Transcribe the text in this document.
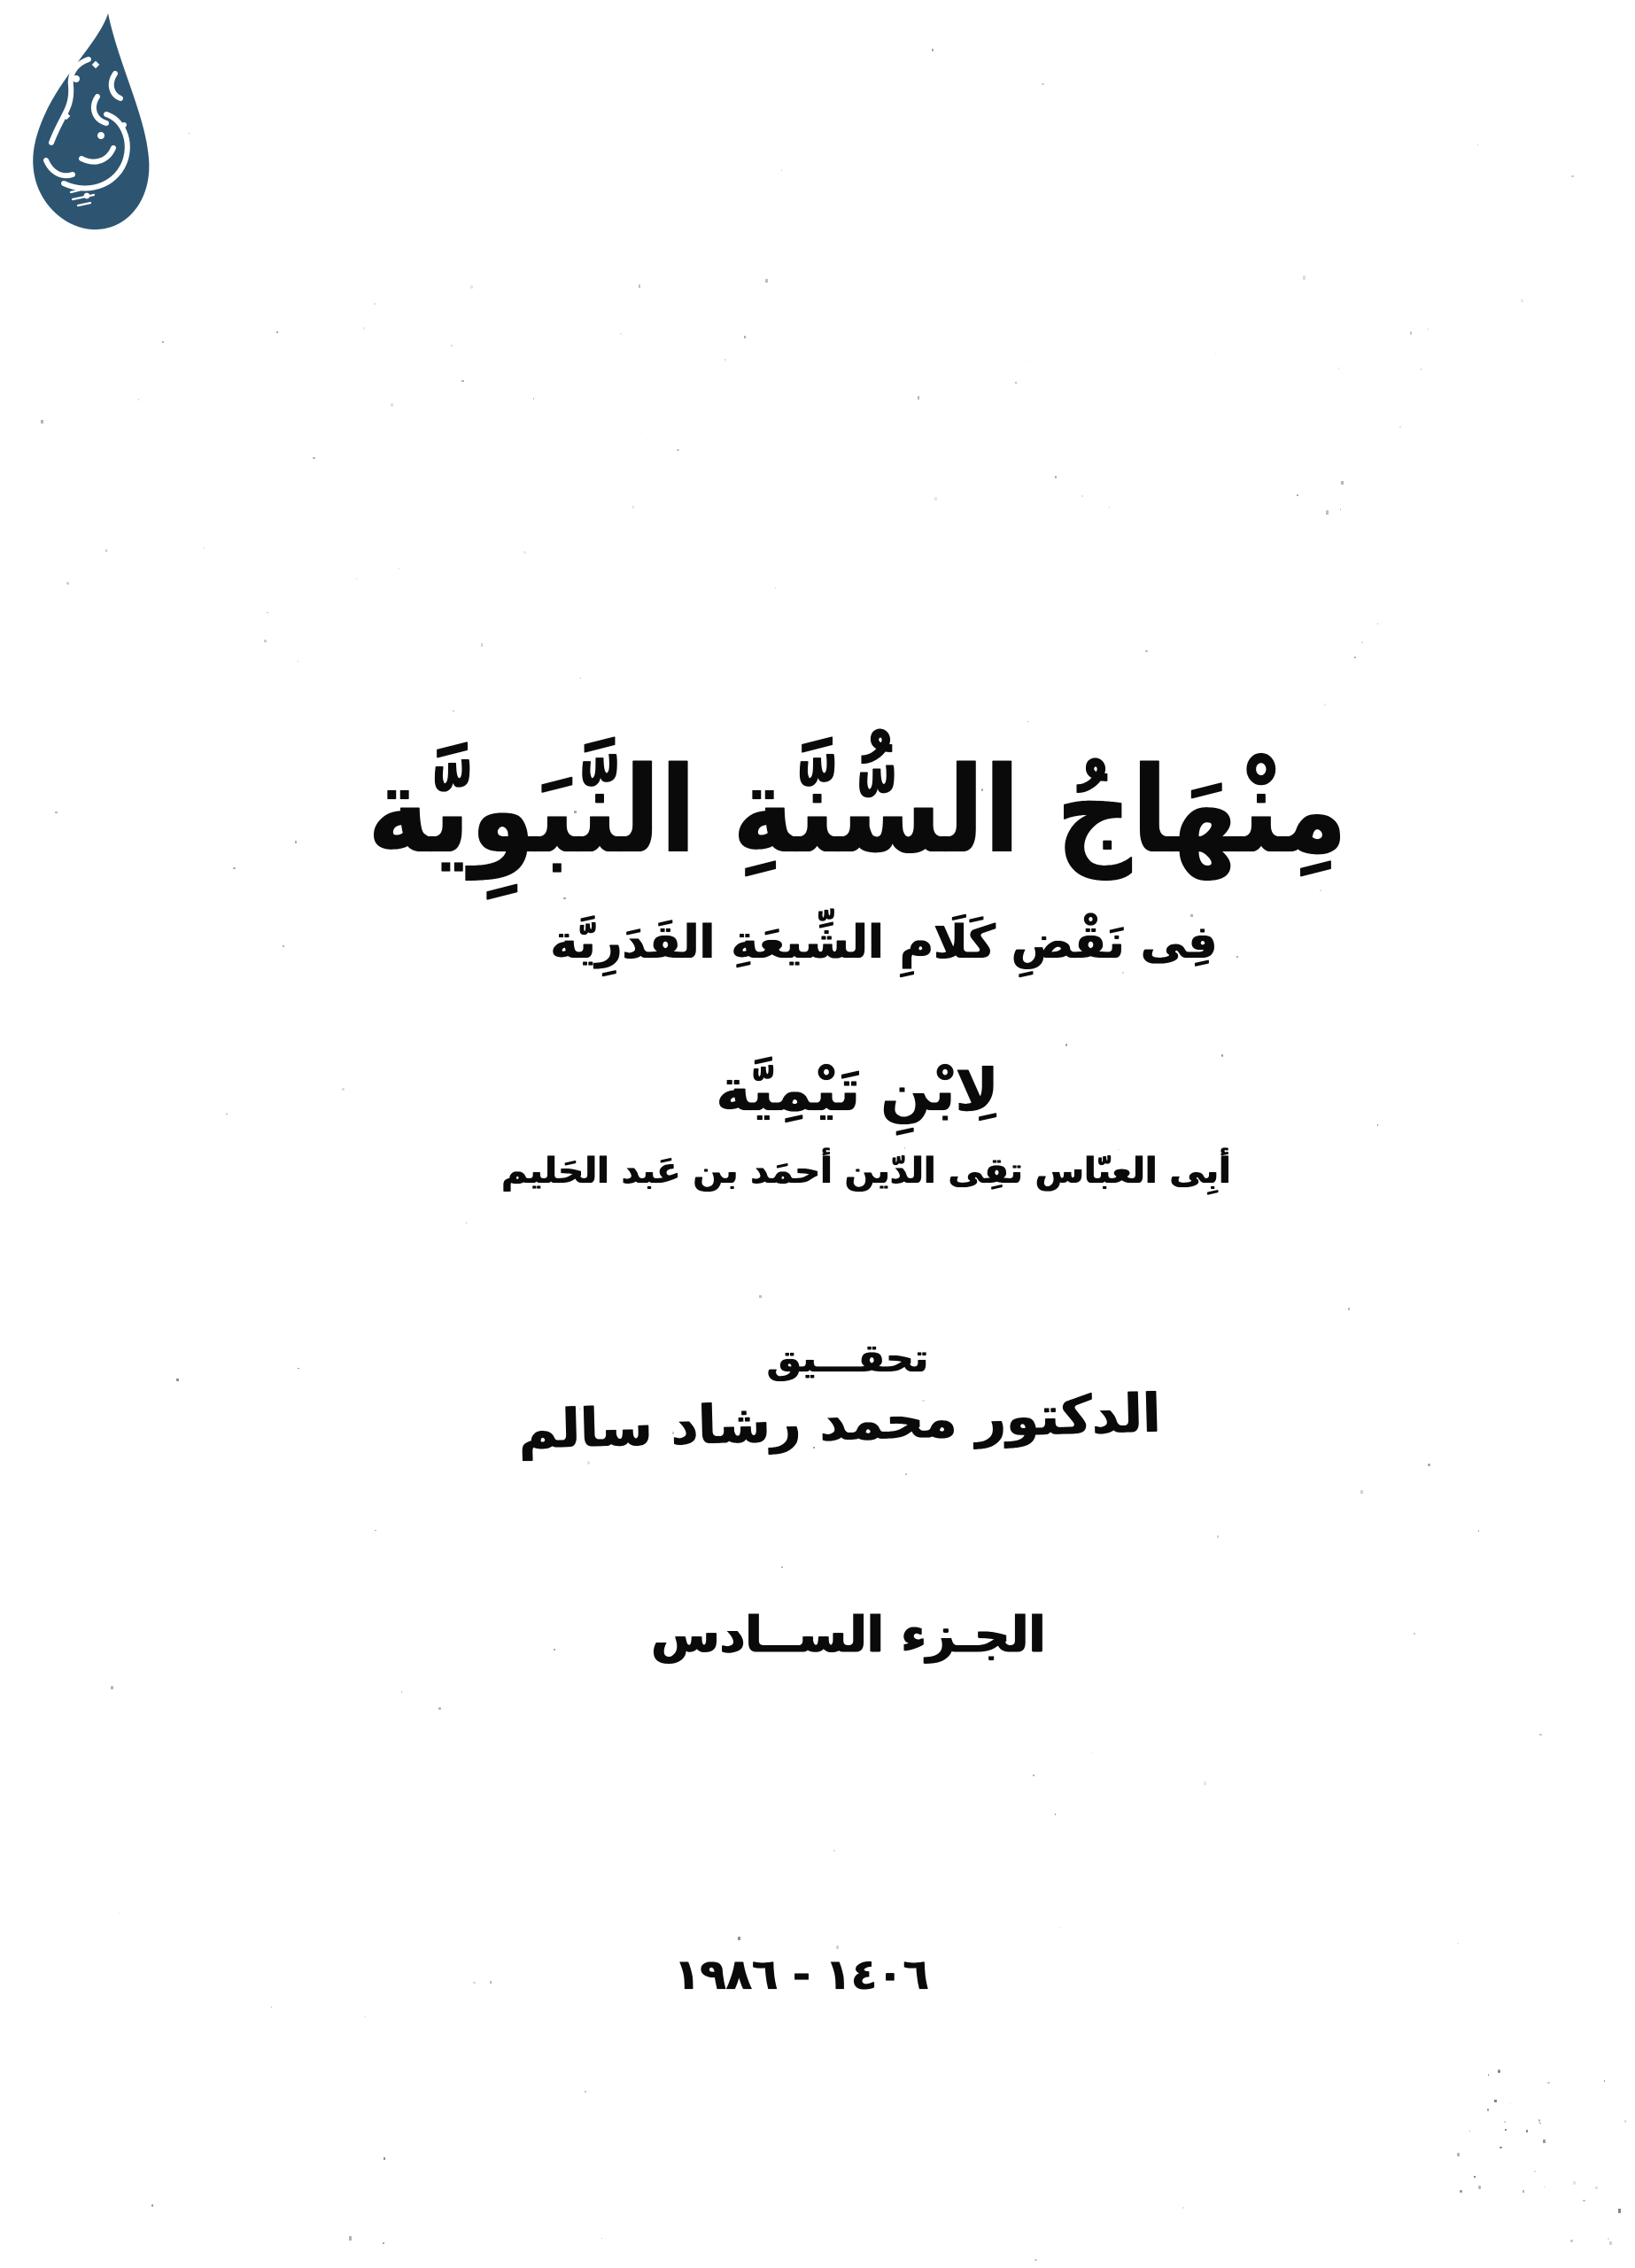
مِنْهَاجُ السُّنَّةِ النَّبَوِيَّة
فِى نَقْضِ كَلَامِ الشِّيعَةِ القَدَرِيَّة
لِابْنِ تَيْمِيَّة
أبِى العبّاس تقِى الدّين أحمَد بن عَبد الحَليم
تحقـــيق
الدكتور محمد رشاد سالم
الجـزء الســادس
١٤٠٦ - ١٩٨٦
